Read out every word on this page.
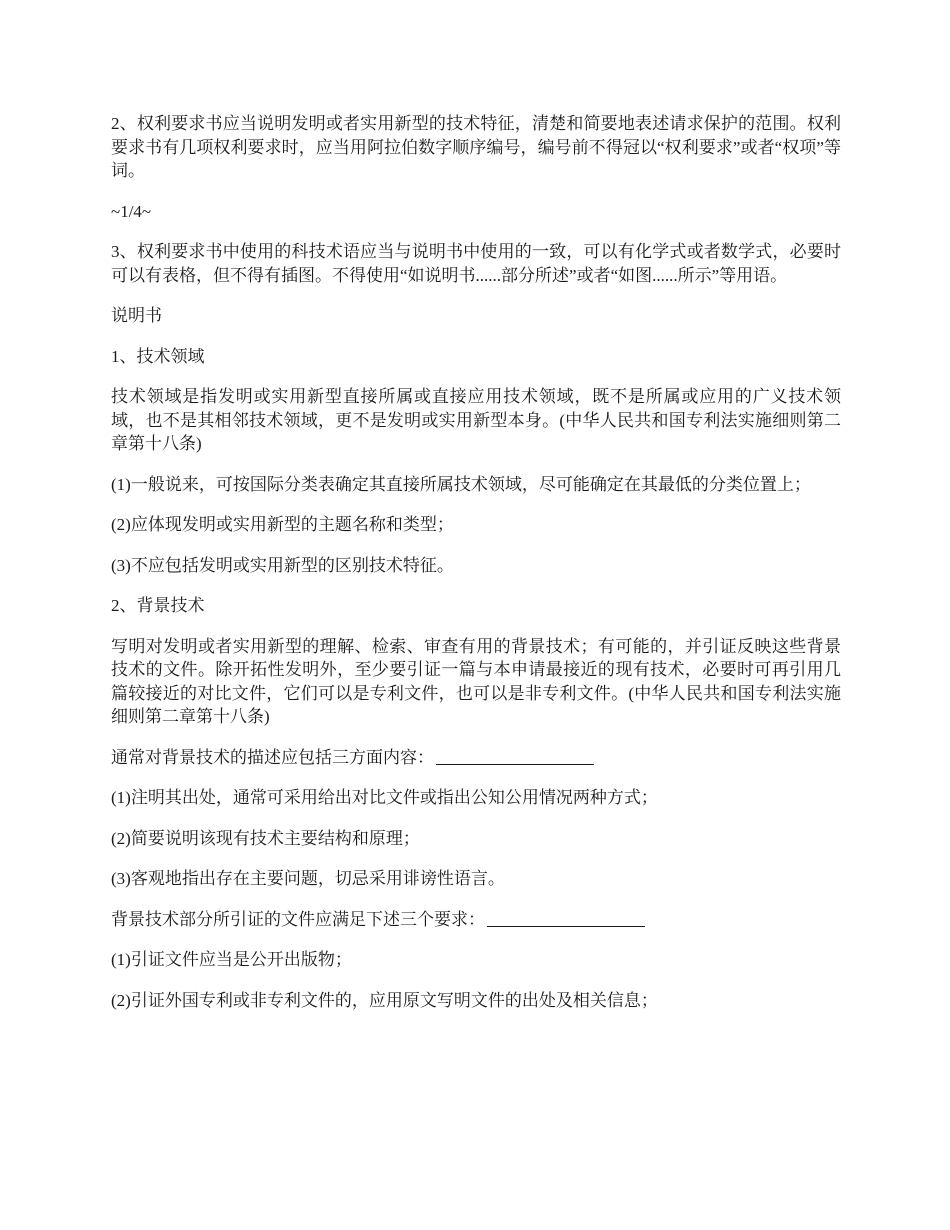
2、权利要求书应当说明发明或者实用新型的技术特征，清楚和简要地表述请求保护的范围。权利要求书有几项权利要求时，应当用阿拉伯数字顺序编号，编号前不得冠以“权利要求”或者“权项”等词。

~1/4~

3、权利要求书中使用的科技术语应当与说明书中使用的一致，可以有化学式或者数学式，必要时可以有表格，但不得有插图。不得使用“如说明书......部分所述”或者“如图......所示”等用语。

说明书

1、技术领域

技术领域是指发明或实用新型直接所属或直接应用技术领域，既不是所属或应用的广义技术领域，也不是其相邻技术领域，更不是发明或实用新型本身。(中华人民共和国专利法实施细则第二章第十八条)

(1)一般说来，可按国际分类表确定其直接所属技术领域，尽可能确定在其最低的分类位置上；

(2)应体现发明或实用新型的主题名称和类型；

(3)不应包括发明或实用新型的区别技术特征。

2、背景技术

写明对发明或者实用新型的理解、检索、审查有用的背景技术；有可能的，并引证反映这些背景技术的文件。除开拓性发明外，至少要引证一篇与本申请最接近的现有技术，必要时可再引用几篇较接近的对比文件，它们可以是专利文件，也可以是非专利文件。(中华人民共和国专利法实施细则第二章第十八条)

通常对背景技术的描述应包括三方面内容：

(1)注明其出处，通常可采用给出对比文件或指出公知公用情况两种方式；

(2)简要说明该现有技术主要结构和原理；

(3)客观地指出存在主要问题，切忌采用诽谤性语言。

背景技术部分所引证的文件应满足下述三个要求：

(1)引证文件应当是公开出版物；

(2)引证外国专利或非专利文件的，应用原文写明文件的出处及相关信息；
